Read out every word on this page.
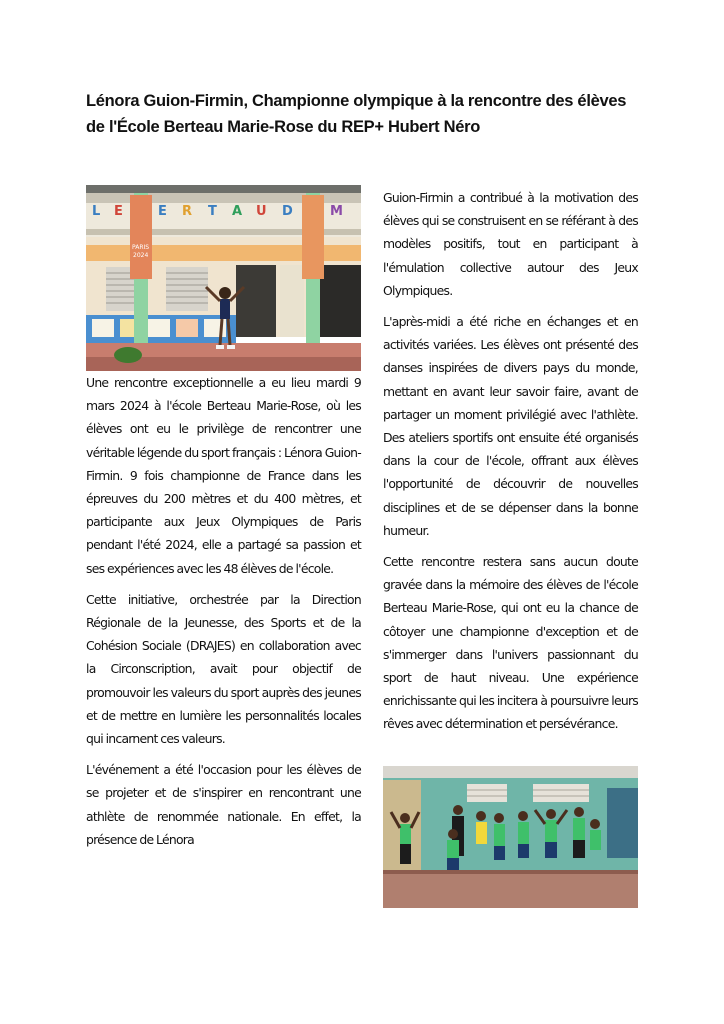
Lénora Guion-Firmin, Championne olympique à la rencontre des élèves de l'École Berteau Marie-Rose du REP+ Hubert Néro
L E	E R T A U D	M
PARIS
2024

Une rencontre exceptionnelle a eu lieu mardi 9 mars 2024 à l'école Berteau Marie-Rose, où les élèves ont eu le privilège de rencontrer une véritable légende du sport français : Lénora Guion-Firmin. 9 fois championne de France dans les épreuves du 200 mètres et du 400 mètres, et participante aux Jeux Olympiques de Paris pendant l'été 2024, elle a partagé sa passion et ses expériences avec les 48 élèves de l'école.

Cette initiative, orchestrée par la Direction Régionale de la Jeunesse, des Sports et de la Cohésion Sociale (DRAJES) en collaboration avec la Circonscription, avait pour objectif de promouvoir les valeurs du sport auprès des jeunes et de mettre en lumière les personnalités locales qui incarnent ces valeurs.

L'événement a été l'occasion pour les élèves de se projeter et de s'inspirer en rencontrant une athlète de renommée nationale. En effet, la présence de Lénora

Guion-Firmin a contribué à la motivation des élèves qui se construisent en se référant à des modèles positifs, tout en participant à l'émulation collective autour des Jeux Olympiques.

L'après-midi a été riche en échanges et en activités variées. Les élèves ont présenté des danses inspirées de divers pays du monde, mettant en avant leur savoir faire, avant de partager un moment privilégié avec l'athlète. Des ateliers sportifs ont ensuite été organisés dans la cour de l'école, offrant aux élèves l'opportunité de découvrir de nouvelles disciplines et de se dépenser dans la bonne humeur.

Cette rencontre restera sans aucun doute gravée dans la mémoire des élèves de l'école Berteau Marie-Rose, qui ont eu la chance de côtoyer une championne d'exception et de s'immerger dans l'univers passionnant du sport de haut niveau. Une expérience enrichissante qui les incitera à poursuivre leurs rêves avec détermination et persévérance.
